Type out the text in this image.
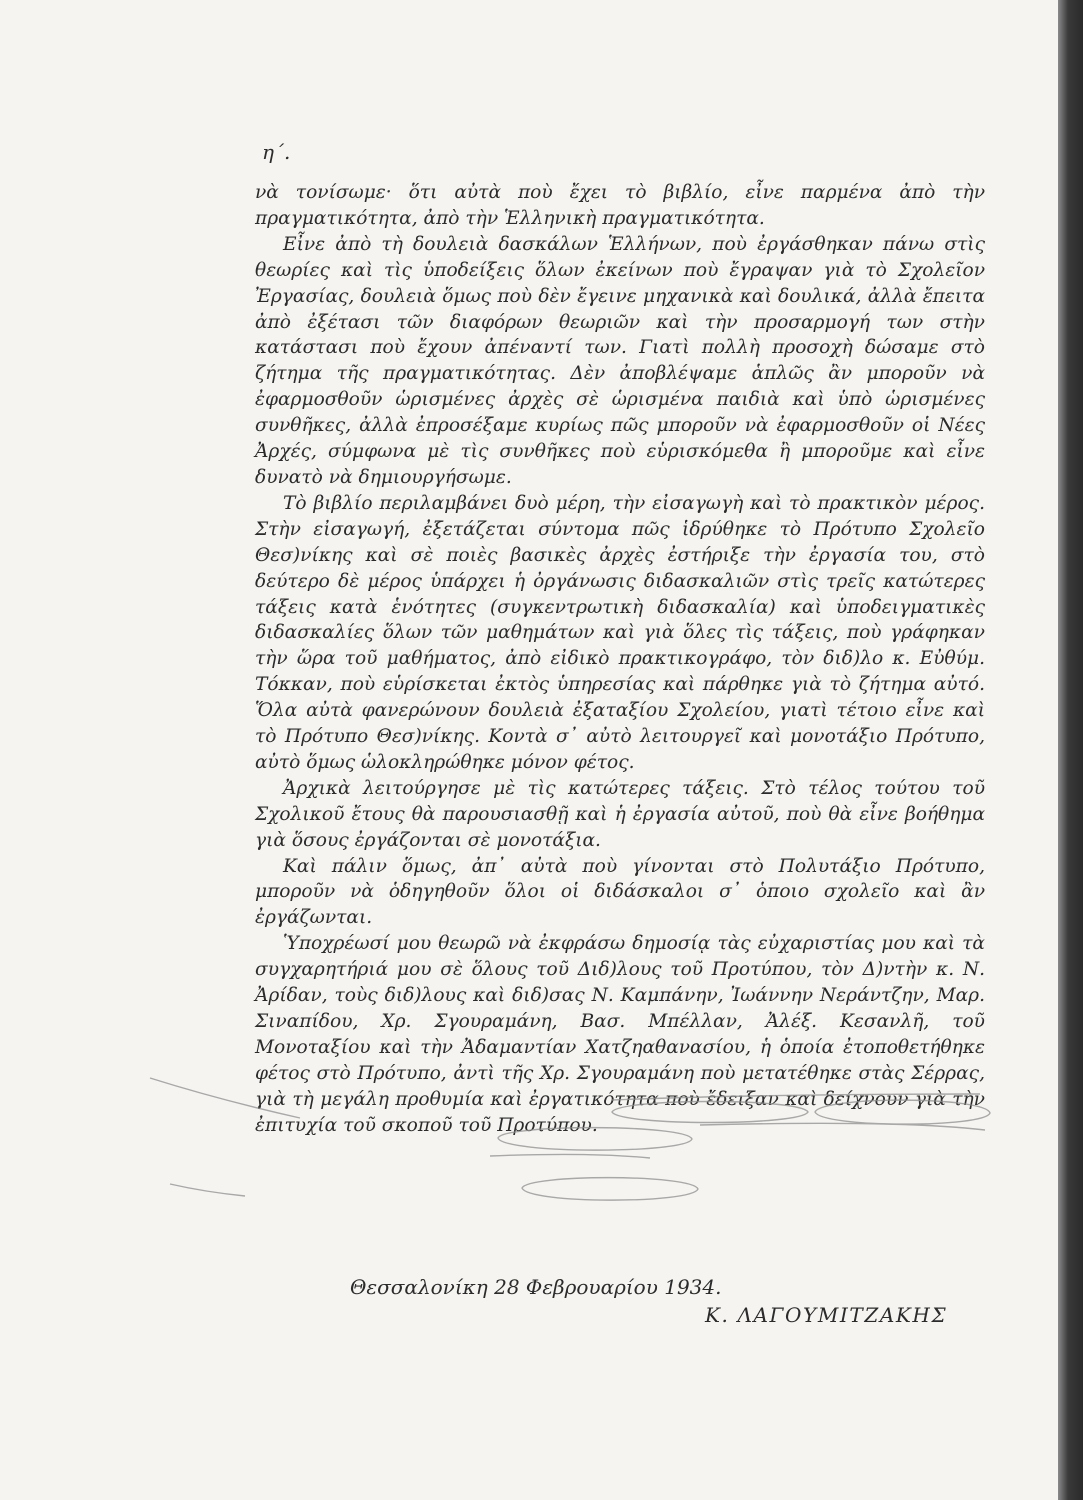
η΄.

νὰ τονίσωμε· ὅτι αὐτὰ ποὺ ἔχει τὸ βιβλίο, εἶνε παρμένα ἀπὸ τὴν πραγματικότητα, ἀπὸ τὴν Ἑλληνικὴ πραγματικότητα.

Εἶνε ἀπὸ τὴ δουλειὰ δασκάλων Ἑλλήνων, ποὺ ἐργάσθηκαν πάνω στὶς θεωρίες καὶ τὶς ὑποδείξεις ὅλων ἐκείνων ποὺ ἔγραψαν γιὰ τὸ Σχολεῖον Ἐργασίας, δουλειὰ ὅμως ποὺ δὲν ἔγεινε μηχανικὰ καὶ δουλικά, ἀλλὰ ἔπειτα ἀπὸ ἐξέτασι τῶν διαφόρων θεωριῶν καὶ τὴν προσαρμογή των στὴν κατάστασι ποὺ ἔχουν ἀπέναντί των. Γιατὶ πολλὴ προσοχὴ δώσαμε στὸ ζήτημα τῆς πραγματικότητας. Δὲν ἀποβλέψαμε ἁπλῶς ἂν μποροῦν νὰ ἐφαρμοσθοῦν ὡρισμένες ἀρχὲς σὲ ὡρισμένα παιδιὰ καὶ ὑπὸ ὡρισμένες συνθῆκες, ἀλλὰ ἐπροσέξαμε κυρίως πῶς μποροῦν νὰ ἐφαρμοσθοῦν οἱ Νέες Ἀρχές, σύμφωνα μὲ τὶς συνθῆκες ποὺ εὑρισκόμεθα ἢ μποροῦμε καὶ εἶνε δυνατὸ νὰ δημιουργήσωμε.

Τὸ βιβλίο περιλαμβάνει δυὸ μέρη, τὴν εἰσαγωγὴ καὶ τὸ πρακτικὸν μέρος. Στὴν εἰσαγωγή, ἐξετάζεται σύντομα πῶς ἱδρύθηκε τὸ Πρότυπο Σχολεῖο Θεσ)νίκης καὶ σὲ ποιὲς βασικὲς ἀρχὲς ἐστήριξε τὴν ἐργασία του, στὸ δεύτερο δὲ μέρος ὑπάρχει ἡ ὀργάνωσις διδασκαλιῶν στὶς τρεῖς κατώτερες τάξεις κατὰ ἑνότητες (συγκεντρωτικὴ διδασκαλία) καὶ ὑποδειγματικὲς διδασκαλίες ὅλων τῶν μαθημάτων καὶ γιὰ ὅλες τὶς τάξεις, ποὺ γράφηκαν τὴν ὥρα τοῦ μαθήματος, ἀπὸ εἰδικὸ πρακτικογράφο, τὸν διδ)λο κ. Εὐθύμ. Τόκκαν, ποὺ εὑρίσκεται ἐκτὸς ὑπηρεσίας καὶ πάρθηκε γιὰ τὸ ζήτημα αὐτό. Ὅλα αὐτὰ φανερώνουν δουλειὰ ἐξαταξίου Σχολείου, γιατὶ τέτοιο εἶνε καὶ τὸ Πρότυπο Θεσ)νίκης. Κοντὰ σ᾽ αὐτὸ λειτουργεῖ καὶ μονοτάξιο Πρότυπο, αὐτὸ ὅμως ὡλοκληρώθηκε μόνον φέτος.

Ἀρχικὰ λειτούργησε μὲ τὶς κατώτερες τάξεις. Στὸ τέλος τούτου τοῦ Σχολικοῦ ἔτους θὰ παρουσιασθῇ καὶ ἡ ἐργασία αὐτοῦ, ποὺ θὰ εἶνε βοήθημα γιὰ ὅσους ἐργάζονται σὲ μονοτάξια.

Καὶ πάλιν ὅμως, ἀπ᾽ αὐτὰ ποὺ γίνονται στὸ Πολυτάξιο Πρότυπο, μποροῦν νὰ ὁδηγηθοῦν ὅλοι οἱ διδάσκαλοι σ᾽ ὁποιο σχολεῖο καὶ ἂν ἐργάζωνται.

Ὑποχρέωσί μου θεωρῶ νὰ ἐκφράσω δημοσίᾳ τὰς εὐχαριστίας μου καὶ τὰ συγχαρητήριά μου σὲ ὅλους τοῦ Διδ)λους τοῦ Προτύπου, τὸν Δ)ντὴν κ. Ν. Ἀρίδαν, τοὺς διδ)λους καὶ διδ)σας Ν. Καμπάνην, Ἰωάννην Νεράντζην, Μαρ. Σιναπίδου, Χρ. Σγουραμάνη, Βασ. Μπέλλαν, Ἀλέξ. Κεσανλῆ, τοῦ Μονοταξίου καὶ τὴν Ἀδαμαντίαν Χατζηαθανασίου, ἡ ὁποία ἐτοποθετήθηκε φέτος στὸ Πρότυπο, ἀντὶ τῆς Χρ. Σγουραμάνη ποὺ μετατέθηκε στὰς Σέρρας, γιὰ τὴ μεγάλη προθυμία καὶ ἐργατικότητα ποὺ ἔδειξαν καὶ δείχνουν γιὰ τὴν ἐπιτυχία τοῦ σκοποῦ τοῦ Προτύπου.

Θεσσαλονίκη 28 Φεβρουαρίου 1934.
Κ. ΛΑΓΟΥΜΙΤΖΑΚΗΣ
